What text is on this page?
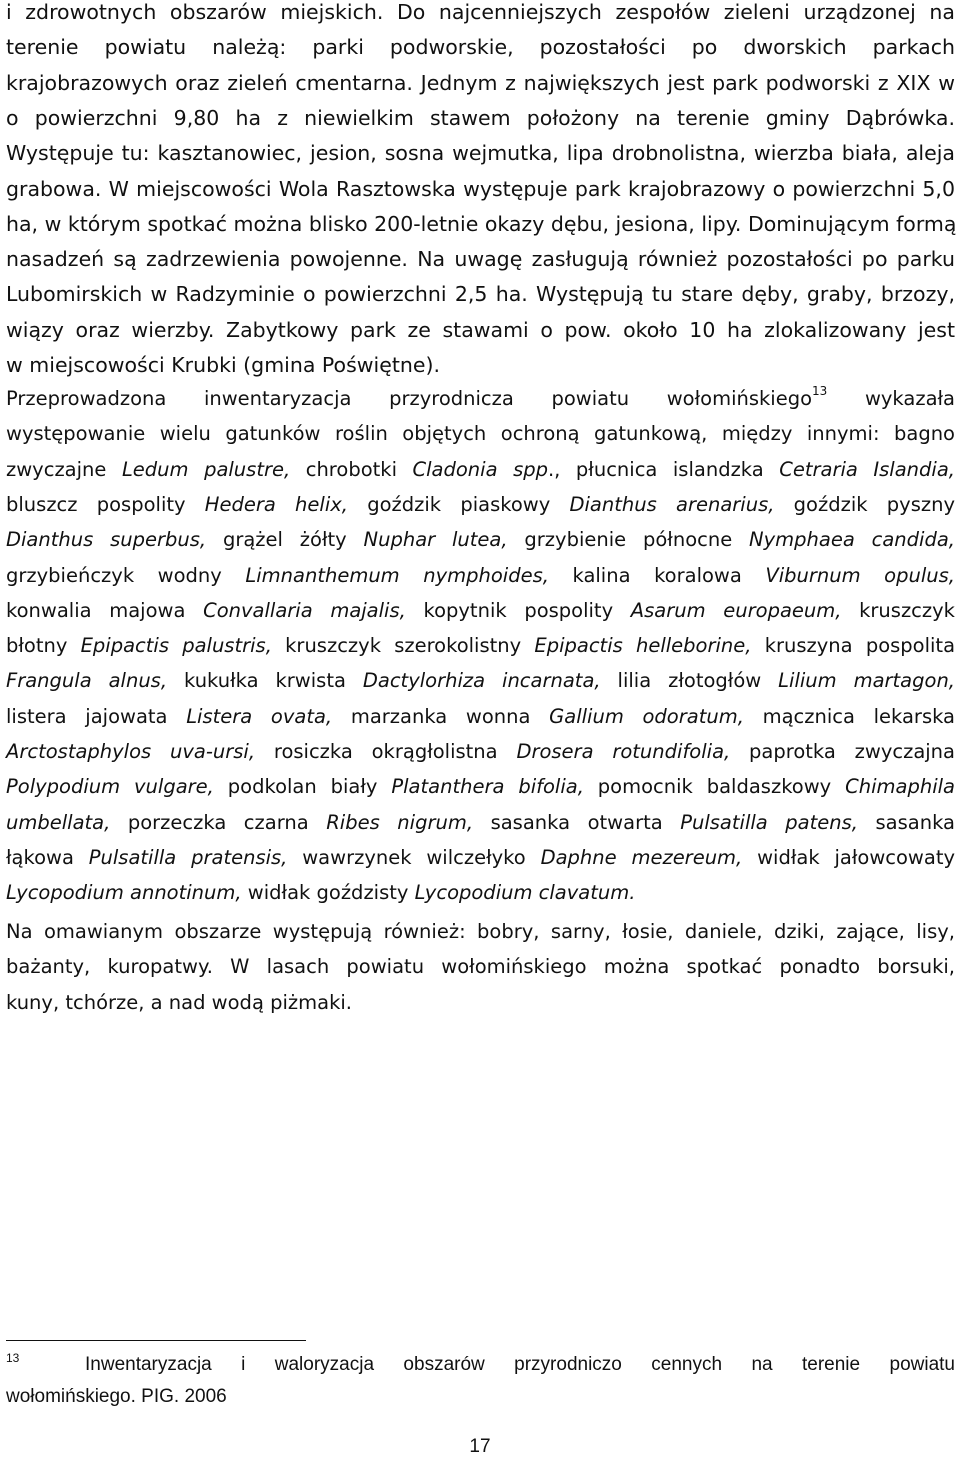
i zdrowotnych obszarów miejskich. Do najcenniejszych zespołów zieleni urządzonej na
terenie powiatu należą: parki podworskie, pozostałości po dworskich parkach
krajobrazowych oraz zieleń cmentarna. Jednym z największych jest park podworski z XIX w
o powierzchni 9,80 ha z niewielkim stawem położony na terenie gminy Dąbrówka.
Występuje tu: kasztanowiec, jesion, sosna wejmutka, lipa drobnolistna, wierzba biała, aleja
grabowa. W miejscowości Wola Rasztowska występuje park krajobrazowy o powierzchni 5,0
ha, w którym spotkać można blisko 200-letnie okazy dębu, jesiona, lipy. Dominującym formą
nasadzeń są zadrzewienia powojenne. Na uwagę zasługują również pozostałości po parku
Lubomirskich w Radzyminie o powierzchni 2,5 ha. Występują tu stare dęby, graby, brzozy,
wiązy oraz wierzby. Zabytkowy park ze stawami o pow. około 10 ha zlokalizowany jest
w miejscowości Krubki (gmina Poświętne).
Przeprowadzona inwentaryzacja przyrodnicza powiatu wołomińskiego$^{13}$ wykazała
występowanie wielu gatunków roślin objętych ochroną gatunkową, między innymi: bagno
zwyczajne Ledum palustre, chrobotki Cladonia spp., płucnica islandzka Cetraria Islandia,
bluszcz pospolity Hedera helix, goździk piaskowy Dianthus arenarius, goździk pyszny
Dianthus superbus, grążel żółty Nuphar lutea, grzybienie północne Nymphaea candida,
grzybieńczyk wodny Limnanthemum nymphoides, kalina koralowa Viburnum opulus,
konwalia majowa Convallaria majalis, kopytnik pospolity Asarum europaeum, kruszczyk
błotny Epipactis palustris, kruszczyk szerokolistny Epipactis helleborine, kruszyna pospolita
Frangula alnus, kukułka krwista Dactylorhiza incarnata, lilia złotogłów Lilium martagon,
listera jajowata Listera ovata, marzanka wonna Gallium odoratum, mącznica lekarska
Arctostaphylos uva-ursi, rosiczka okrągłolistna Drosera rotundifolia, paprotka zwyczajna
Polypodium vulgare, podkolan biały Platanthera bifolia, pomocnik baldaszkowy Chimaphila
umbellata, porzeczka czarna Ribes nigrum, sasanka otwarta Pulsatilla patens, sasanka
łąkowa Pulsatilla pratensis, wawrzynek wilczełyko Daphne mezereum, widłak jałowcowaty
Lycopodium annotinum, widłak goździsty Lycopodium clavatum.
Na omawianym obszarze występują również: bobry, sarny, łosie, daniele, dziki, zające, lisy,
bażanty, kuropatwy. W lasach powiatu wołomińskiego można spotkać ponadto borsuki,
kuny, tchórze, a nad wodą piżmaki.
13	Inwentaryzacja i waloryzacja obszarów przyrodniczo cennych na terenie powiatu
wołomińskiego. PIG. 2006
17
